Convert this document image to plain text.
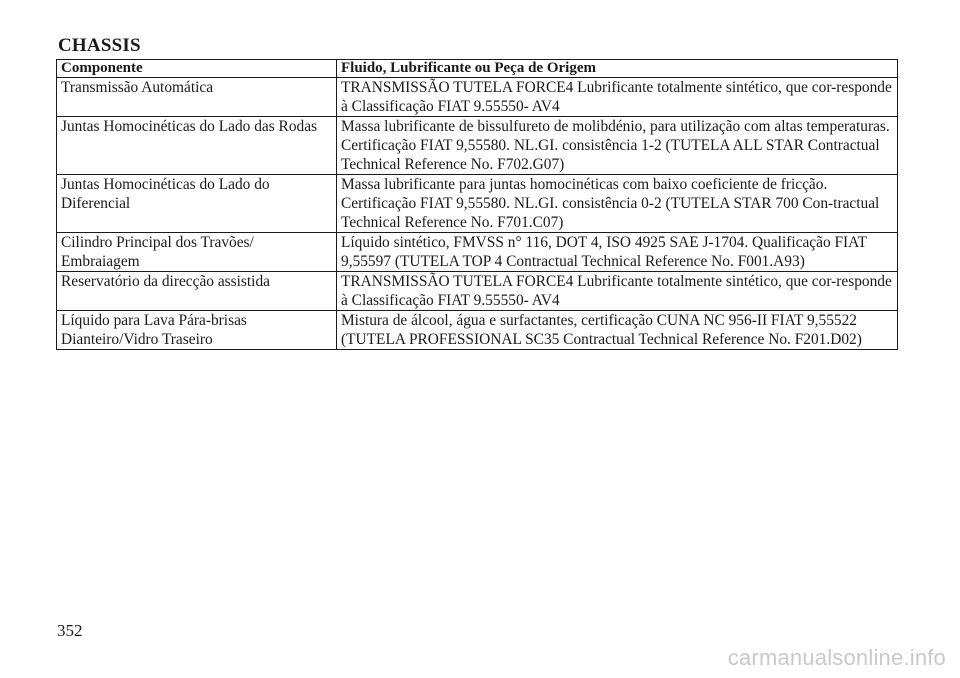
CHASSIS
Componente	Fluido, Lubrificante ou Peça de Origem
Transmissão Automática	TRANSMISSÃO TUTELA FORCE4 Lubrificante totalmente sintético, que cor-responde à Classificação FIAT 9.55550- AV4
Juntas Homocinéticas do Lado das Rodas	Massa lubrificante de bissulfureto de molibdénio, para utilização com altas temperaturas. Certificação FIAT 9,55580. NL.GI. consistência 1-2 (TUTELA ALL STAR Contractual Technical Reference No. F702.G07)
Juntas Homocinéticas do Lado do Diferencial	Massa lubrificante para juntas homocinéticas com baixo coeficiente de fricção. Certificação FIAT 9,55580. NL.GI. consistência 0-2 (TUTELA STAR 700 Con-tractual Technical Reference No. F701.C07)
Cilindro Principal dos Travões/ Embraiagem	Líquido sintético, FMVSS n° 116, DOT 4, ISO 4925 SAE J-1704. Qualificação FIAT 9,55597 (TUTELA TOP 4 Contractual Technical Reference No. F001.A93)
Reservatório da direcção assistida	TRANSMISSÃO TUTELA FORCE4 Lubrificante totalmente sintético, que cor-responde à Classificação FIAT 9.55550- AV4
Líquido para Lava Pára-brisas Dianteiro/Vidro Traseiro	Mistura de álcool, água e surfactantes, certificação CUNA NC 956-II FIAT 9,55522 (TUTELA PROFESSIONAL SC35 Contractual Technical Reference No. F201.D02)
352
carmanualsonline.info
